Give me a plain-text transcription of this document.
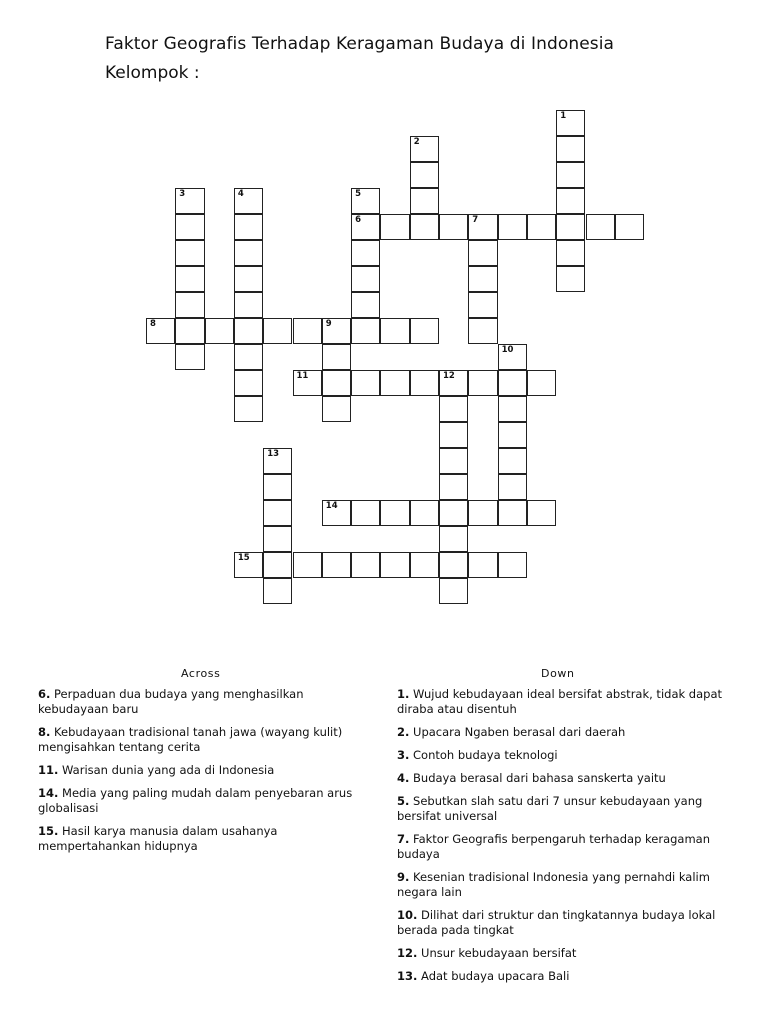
Faktor Geografis Terhadap Keragaman Budaya di Indonesia
Kelompok :
1
2
3	4	5
6	7
8	9
10
11	12
13
14
15
Across	Down
6. Perpaduan dua budaya yang menghasilkan kebudayaan baru
8. Kebudayaan tradisional tanah jawa (wayang kulit) mengisahkan tentang cerita
11. Warisan dunia yang ada di Indonesia
14. Media yang paling mudah dalam penyebaran arus globalisasi
15. Hasil karya manusia dalam usahanya mempertahankan hidupnya
1. Wujud kebudayaan ideal bersifat abstrak, tidak dapat diraba atau disentuh
2. Upacara Ngaben berasal dari daerah
3. Contoh budaya teknologi
4. Budaya berasal dari bahasa sanskerta yaitu
5. Sebutkan slah satu dari 7 unsur kebudayaan yang bersifat universal
7. Faktor Geografis berpengaruh terhadap keragaman budaya
9. Kesenian tradisional Indonesia yang pernahdi kalim negara lain
10. Dilihat dari struktur dan tingkatannya budaya lokal berada pada tingkat
12. Unsur kebudayaan bersifat
13. Adat budaya upacara Bali
